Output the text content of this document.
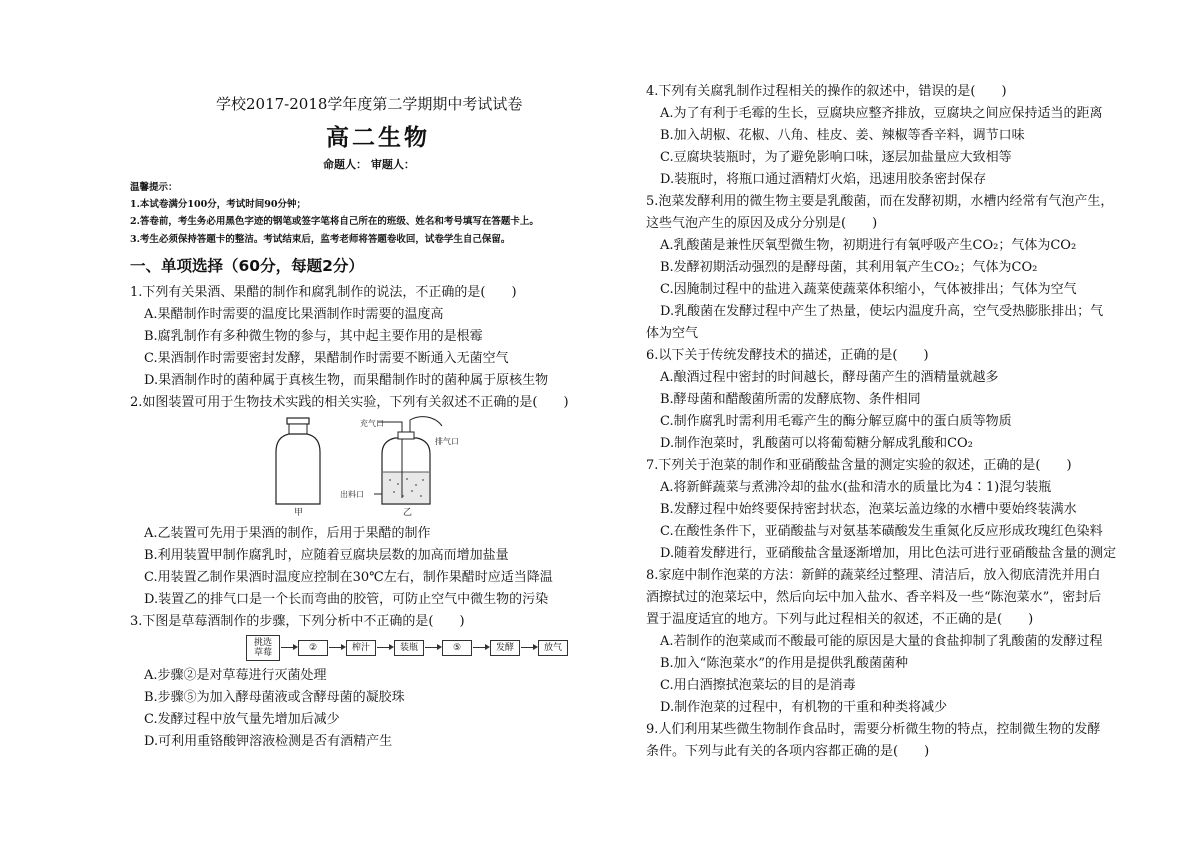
学校2017-2018学年度第二学期期中考试试卷
高二生物
命题人： 审题人：
温馨提示：
1.本试卷满分100分，考试时间90分钟；
2.答卷前，考生务必用黑色字迹的钢笔或签字笔将自己所在的班级、姓名和考号填写在答题卡上。
3.考生必须保持答题卡的整洁。考试结束后，监考老师将答题卷收回，试卷学生自己保留。
一、单项选择（60分，每题2分）
1.下列有关果酒、果醋的制作和腐乳制作的说法，不正确的是(　　)
A.果醋制作时需要的温度比果酒制作时需要的温度高
B.腐乳制作有多种微生物的参与，其中起主要作用的是根霉
C.果酒制作时需要密封发酵，果醋制作时需要不断通入无菌空气
D.果酒制作时的菌种属于真核生物，而果醋制作时的菌种属于原核生物
2.如图装置可用于生物技术实践的相关实验，下列有关叙述不正确的是(　　)
甲
充气口
排气口
出料口
乙
A.乙装置可先用于果酒的制作，后用于果醋的制作
B.利用装置甲制作腐乳时，应随着豆腐块层数的加高而增加盐量
C.用装置乙制作果酒时温度应控制在30℃左右，制作果醋时应适当降温
D.装置乙的排气口是一个长而弯曲的胶管，可防止空气中微生物的污染
3.下图是草莓酒制作的步骤，下列分析中不正确的是(　　)
挑选草莓	②	榨汁	装瓶	⑤	发酵	放气
A.步骤②是对草莓进行灭菌处理
B.步骤⑤为加入酵母菌液或含酵母菌的凝胶珠
C.发酵过程中放气量先增加后减少
D.可利用重铬酸钾溶液检测是否有酒精产生
4.下列有关腐乳制作过程相关的操作的叙述中，错误的是(　　)
A.为了有利于毛霉的生长，豆腐块应整齐排放，豆腐块之间应保持适当的距离
B.加入胡椒、花椒、八角、桂皮、姜、辣椒等香辛料，调节口味
C.豆腐块装瓶时，为了避免影响口味，逐层加盐量应大致相等
D.装瓶时，将瓶口通过酒精灯火焰，迅速用胶条密封保存
5.泡菜发酵利用的微生物主要是乳酸菌，而在发酵初期，水槽内经常有气泡产生，
这些气泡产生的原因及成分分别是(　　)
A.乳酸菌是兼性厌氧型微生物，初期进行有氧呼吸产生CO₂；气体为CO₂
B.发酵初期活动强烈的是酵母菌，其利用氧产生CO₂；气体为CO₂
C.因腌制过程中的盐进入蔬菜使蔬菜体积缩小，气体被排出；气体为空气
D.乳酸菌在发酵过程中产生了热量，使坛内温度升高，空气受热膨胀排出；气
体为空气
6.以下关于传统发酵技术的描述，正确的是(　　)
A.酿酒过程中密封的时间越长，酵母菌产生的酒精量就越多
B.酵母菌和醋酸菌所需的发酵底物、条件相同
C.制作腐乳时需利用毛霉产生的酶分解豆腐中的蛋白质等物质
D.制作泡菜时，乳酸菌可以将葡萄糖分解成乳酸和CO₂
7.下列关于泡菜的制作和亚硝酸盐含量的测定实验的叙述，正确的是(　　)
A.将新鲜蔬菜与煮沸冷却的盐水(盐和清水的质量比为4∶1)混匀装瓶
B.发酵过程中始终要保持密封状态，泡菜坛盖边缘的水槽中要始终装满水
C.在酸性条件下，亚硝酸盐与对氨基苯磺酸发生重氮化反应形成玫瑰红色染料
D.随着发酵进行，亚硝酸盐含量逐渐增加，用比色法可进行亚硝酸盐含量的测定
8.家庭中制作泡菜的方法：新鲜的蔬菜经过整理、清洁后，放入彻底清洗并用白
酒擦拭过的泡菜坛中，然后向坛中加入盐水、香辛料及一些“陈泡菜水”，密封后
置于温度适宜的地方。下列与此过程相关的叙述，不正确的是(　　)
A.若制作的泡菜咸而不酸最可能的原因是大量的食盐抑制了乳酸菌的发酵过程
B.加入“陈泡菜水”的作用是提供乳酸菌菌种
C.用白酒擦拭泡菜坛的目的是消毒
D.制作泡菜的过程中，有机物的干重和种类将减少
9.人们利用某些微生物制作食品时，需要分析微生物的特点，控制微生物的发酵
条件。下列与此有关的各项内容都正确的是(　　)
